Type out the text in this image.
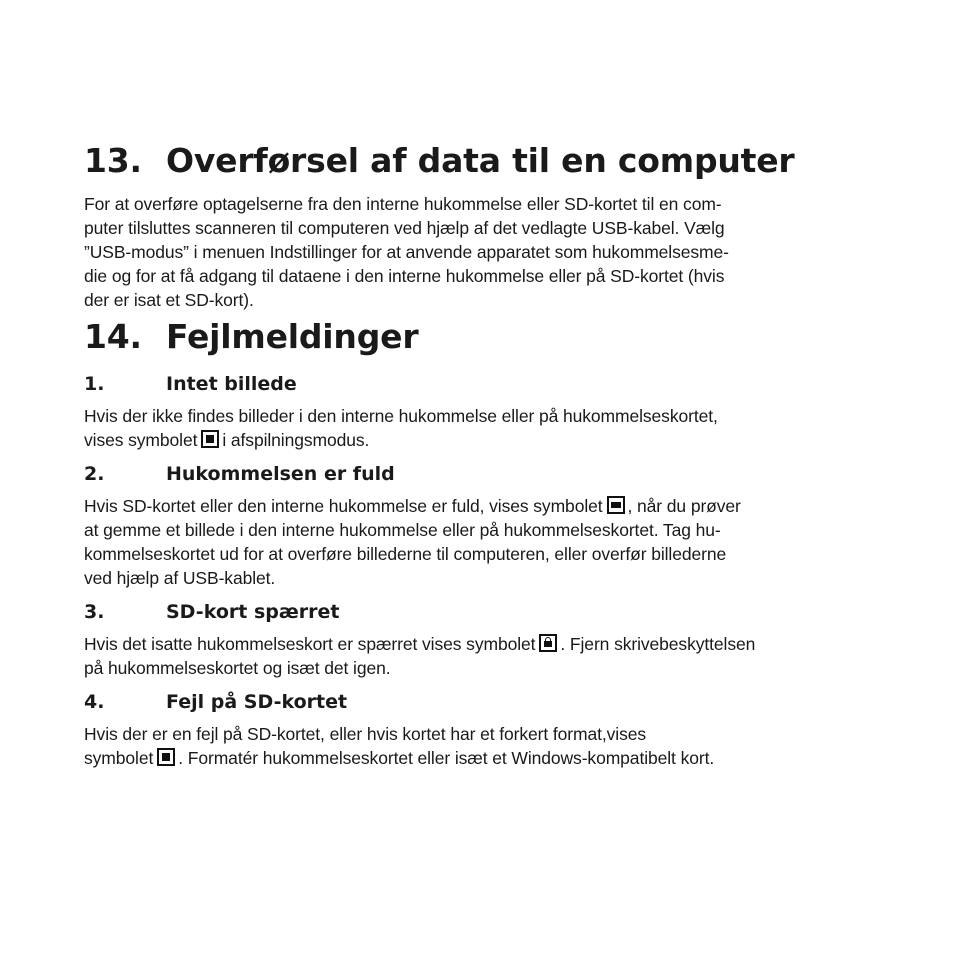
13. Overførsel af data til en computer

For at overføre optagelserne fra den interne hukommelse eller SD-kortet til en com-
puter tilsluttes scanneren til computeren ved hjælp af det vedlagte USB-kabel. Vælg
”USB-modus” i menuen Indstillinger for at anvende apparatet som hukommelsesme-
die og for at få adgang til dataene i den interne hukommelse eller på SD-kortet (hvis
der er isat et SD-kort).

14. Fejlmeldinger
1.	Intet billede

Hvis der ikke findes billeder i den interne hukommelse eller på hukommelseskortet,
vises symbolet i afspilningsmodus.

2.	Hukommelsen er fuld

Hvis SD-kortet eller den interne hukommelse er fuld, vises symbolet , når du prøver
at gemme et billede i den interne hukommelse eller på hukommelseskortet. Tag hu-
kommelseskortet ud for at overføre billederne til computeren, eller overfør billederne
ved hjælp af USB-kablet.

3.	SD-kort spærret

Hvis det isatte hukommelseskort er spærret vises symbolet . Fjern skrivebeskyttelsen
på hukommelseskortet og isæt det igen.

4.	Fejl på SD-kortet

Hvis der er en fejl på SD-kortet, eller hvis kortet har et forkert format,vises
symbolet . Formatér hukommelseskortet eller isæt et Windows-kompatibelt kort.
